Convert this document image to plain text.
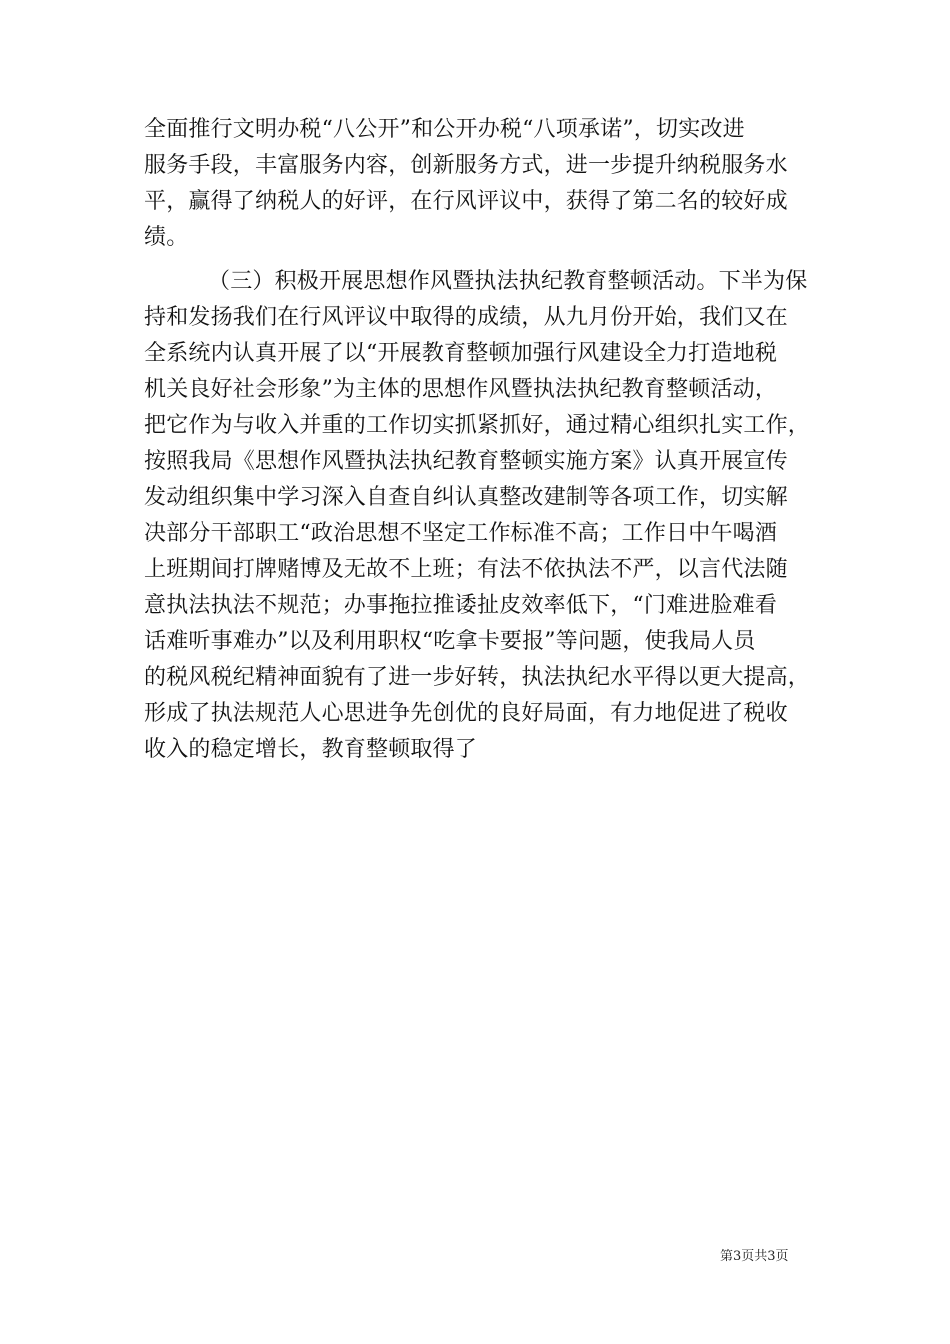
全面推行文明办税“八公开”和公开办税“八项承诺”，切实改进
服务手段，丰富服务内容，创新服务方式，进一步提升纳税服务水
平，赢得了纳税人的好评，在行风评议中，获得了第二名的较好成
绩。
（三）积极开展思想作风暨执法执纪教育整顿活动。下半为保
持和发扬我们在行风评议中取得的成绩，从九月份开始，我们又在
全系统内认真开展了以“开展教育整顿加强行风建设全力打造地税
机关良好社会形象”为主体的思想作风暨执法执纪教育整顿活动，
把它作为与收入并重的工作切实抓紧抓好，通过精心组织扎实工作，
按照我局《思想作风暨执法执纪教育整顿实施方案》认真开展宣传
发动组织集中学习深入自查自纠认真整改建制等各项工作，切实解
决部分干部职工“政治思想不坚定工作标准不高；工作日中午喝酒
上班期间打牌赌博及无故不上班；有法不依执法不严，以言代法随
意执法执法不规范；办事拖拉推诿扯皮效率低下，“门难进脸难看
话难听事难办”以及利用职权“吃拿卡要报”等问题，使我局人员
的税风税纪精神面貌有了进一步好转，执法执纪水平得以更大提高，
形成了执法规范人心思进争先创优的良好局面，有力地促进了税收
收入的稳定增长，教育整顿取得了
第3页共3页
